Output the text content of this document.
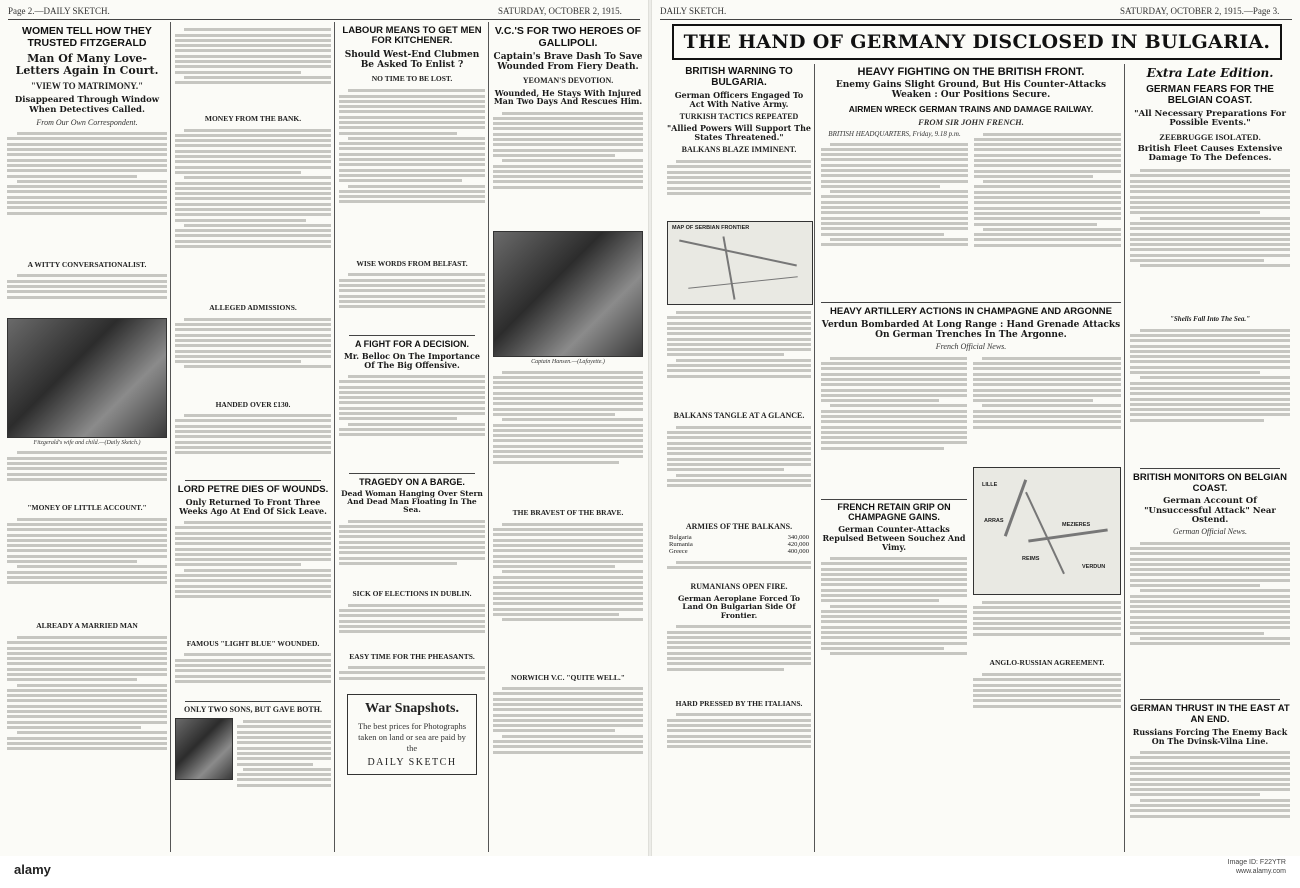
Page 2.—DAILY SKETCH.	SATURDAY, OCTOBER 2, 1915.
WOMEN TELL HOW THEY TRUSTED FITZGERALD
Man Of Many Love-Letters Again In Court.
"VIEW TO MATRIMONY."
Disappeared Through Window When Detectives Called.
From Our Own Correspondent.
A WITTY CONVERSATIONALIST.
Fitzgerald's wife and child.—(Daily Sketch.)
"MONEY OF LITTLE ACCOUNT."
ALREADY A MARRIED MAN
MONEY FROM THE BANK.
ALLEGED ADMISSIONS.
HANDED OVER £130.
LORD PETRE DIES OF WOUNDS.
Only Returned To Front Three Weeks Ago At End Of Sick Leave.
FAMOUS "LIGHT BLUE" WOUNDED.
ONLY TWO SONS, BUT GAVE BOTH.
LABOUR MEANS TO GET MEN FOR KITCHENER.
Should West-End Clubmen Be Asked To Enlist ?
NO TIME TO BE LOST.
WISE WORDS FROM BELFAST.
A FIGHT FOR A DECISION.
Mr. Belloc On The Importance Of The Big Offensive.
TRAGEDY ON A BARGE.
Dead Woman Hanging Over Stern And Dead Man Floating In The Sea.
SICK OF ELECTIONS IN DUBLIN.
EASY TIME FOR THE PHEASANTS.
War Snapshots.
The best prices for Photographs taken on land or sea are paid by the
DAILY SKETCH
V.C.'S FOR TWO HEROES OF GALLIPOLI.
Captain's Brave Dash To Save Wounded From Fiery Death.
YEOMAN'S DEVOTION.
Wounded, He Stays With Injured Man Two Days And Rescues Him.
Captain Hansen.—(Lafayette.)
THE BRAVEST OF THE BRAVE.
NORWICH V.C. "QUITE WELL."
DAILY SKETCH.	SATURDAY, OCTOBER 2, 1915.—Page 3.
THE HAND OF GERMANY DISCLOSED IN BULGARIA.
BRITISH WARNING TO BULGARIA.
German Officers Engaged To Act With Native Army.
TURKISH TACTICS REPEATED
"Allied Powers Will Support The States Threatened."
BALKANS BLAZE IMMINENT.
MAP OF SERBIAN FRONTIER
BALKANS TANGLE AT A GLANCE.
ARMIES OF THE BALKANS.
Bulgaria	340,000
Rumania	420,000
Greece	400,000
RUMANIANS OPEN FIRE.
German Aeroplane Forced To Land On Bulgarian Side Of Frontier.
HARD PRESSED BY THE ITALIANS.
HEAVY FIGHTING ON THE BRITISH FRONT.
Enemy Gains Slight Ground, But His Counter-Attacks Weaken : Our Positions Secure.
AIRMEN WRECK GERMAN TRAINS AND DAMAGE RAILWAY.
FROM SIR JOHN FRENCH.
BRITISH HEADQUARTERS, Friday, 9.18 p.m.
HEAVY ARTILLERY ACTIONS IN CHAMPAGNE AND ARGONNE
Verdun Bombarded At Long Range : Hand Grenade Attacks On German Trenches In The Argonne.
French Official News.
FRENCH RETAIN GRIP ON CHAMPAGNE GAINS.
German Counter-Attacks Repulsed Between Souchez And Vimy.
LILLE
ARRAS
REIMS
VERDUN
MEZIERES
ANGLO-RUSSIAN AGREEMENT.
Extra Late Edition.
GERMAN FEARS FOR THE BELGIAN COAST.
"All Necessary Preparations For Possible Events."
ZEEBRUGGE ISOLATED.
British Fleet Causes Extensive Damage To The Defences.
"Shells Fall Into The Sea."
BRITISH MONITORS ON BELGIAN COAST.
German Account Of "Unsuccessful Attack" Near Ostend.
German Official News.
GERMAN THRUST IN THE EAST AT AN END.
Russians Forcing The Enemy Back On The Dvinsk-Vilna Line.
alamy	Image ID: F22YTR
www.alamy.com
